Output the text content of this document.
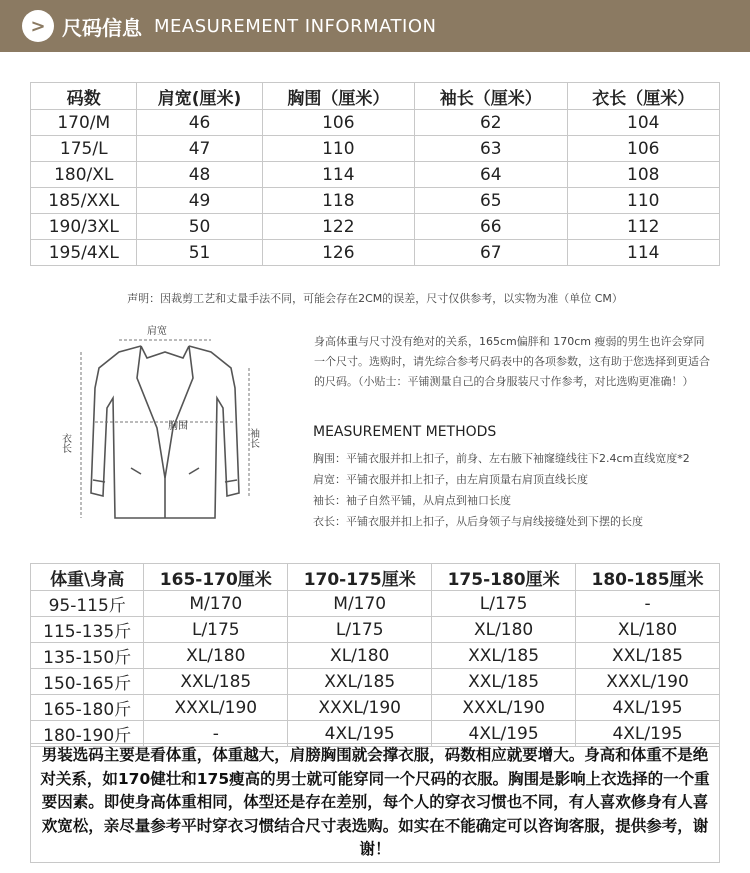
> 尺码信息 MEASUREMENT INFORMATION
码数	肩宽(厘米)	胸围（厘米）	袖长（厘米）	衣长（厘米）
170/M	46	106	62	104
175/L	47	110	63	106
180/XL	48	114	64	108
185/XXL	49	118	65	110
190/3XL	50	122	66	112
195/4XL	51	126	67	114
声明：因裁剪工艺和丈量手法不同，可能会存在2CM的误差，尺寸仅供参考，以实物为准（单位 CM）
肩宽
胸围
衣长	袖长
身高体重与尺寸没有绝对的关系，165cm偏胖和 170cm 瘦弱的男生也许会穿同一个尺寸。选购时，请先综合参考尺码表中的各项参数，这有助于您选择到更适合的尺码。（小贴士：平铺测量自己的合身服装尺寸作参考，对比选购更准确！）
MEASUREMENT METHODS
胸围：平铺衣服并扣上扣子，前身、左右腋下袖窿缝线往下2.4cm直线宽度*2
肩宽：平铺衣服并扣上扣子，由左肩顶量右肩顶直线长度
袖长：袖子自然平铺，从肩点到袖口长度
衣长：平铺衣服并扣上扣子，从后身领子与肩线接缝处到下摆的长度
体重\身高	165-170厘米	170-175厘米	175-180厘米	180-185厘米
95-115斤	M/170	M/170	L/175	-
115-135斤	L/175	L/175	XL/180	XL/180
135-150斤	XL/180	XL/180	XXL/185	XXL/185
150-165斤	XXL/185	XXL/185	XXL/185	XXXL/190
165-180斤	XXXL/190	XXXL/190	XXXL/190	4XL/195
180-190斤	-	4XL/195	4XL/195	4XL/195
男装选码主要是看体重，体重越大，肩膀胸围就会撑衣服，码数相应就要增大。身高和体重不是绝对关系，如170健壮和175瘦高的男士就可能穿同一个尺码的衣服。胸围是影响上衣选择的一个重要因素。即使身高体重相同，体型还是存在差别，每个人的穿衣习惯也不同，有人喜欢修身有人喜欢宽松，亲尽量参考平时穿衣习惯结合尺寸表选购。如实在不能确定可以咨询客服，提供参考，谢谢！
